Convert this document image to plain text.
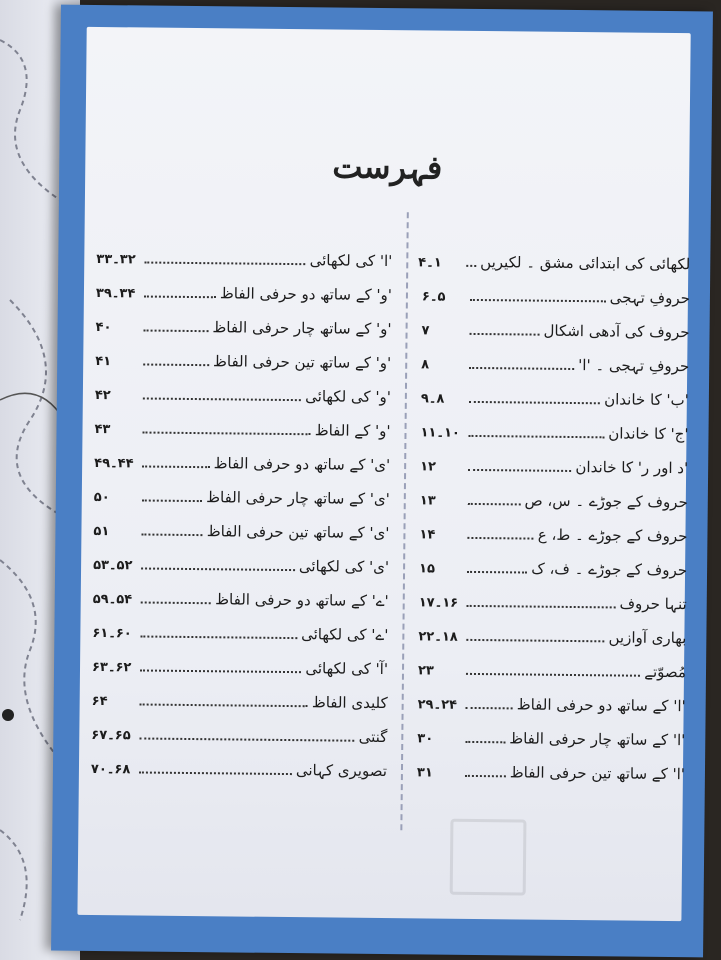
فہرست
لکھائی کی ابتدائی مشق ۔ لکیریں
۱۔۴
حروفِ تہجی
۵۔۶
حروف کی آدھی اشکال
۷
حروفِ تہجی ۔ 'ا'
۸
'ب' کا خاندان
۸۔۹
'ج' کا خاندان
۱۰۔۱۱
'د اور ر' کا خاندان
۱۲
حروف کے جوڑے ۔ س، ص
۱۳
حروف کے جوڑے ۔ ط، ع
۱۴
حروف کے جوڑے ۔ ف، ک
۱۵
تنہا حروف
۱۶۔۱۷
بھاری آوازیں
۱۸۔۲۲
مُصوّتے
۲۳
'ا' کے ساتھ دو حرفی الفاظ
۲۴۔۲۹
'ا' کے ساتھ چار حرفی الفاظ
۳۰
'ا' کے ساتھ تین حرفی الفاظ
۳۱
'ا' کی لکھائی
۳۲۔۳۳
'و' کے ساتھ دو حرفی الفاظ
۳۴۔۳۹
'و' کے ساتھ چار حرفی الفاظ
۴۰
'و' کے ساتھ تین حرفی الفاظ
۴۱
'و' کی لکھائی
۴۲
'و' کے الفاظ
۴۳
'ی' کے ساتھ دو حرفی الفاظ
۴۴۔۴۹
'ی' کے ساتھ چار حرفی الفاظ
۵۰
'ی' کے ساتھ تین حرفی الفاظ
۵۱
'ی' کی لکھائی
۵۲۔۵۳
'ے' کے ساتھ دو حرفی الفاظ
۵۴۔۵۹
'ے' کی لکھائی
۶۰۔۶۱
'آ' کی لکھائی
۶۲۔۶۳
کلیدی الفاظ
۶۴
گنتی
۶۵۔۶۷
تصویری کہانی
۶۸۔۷۰
